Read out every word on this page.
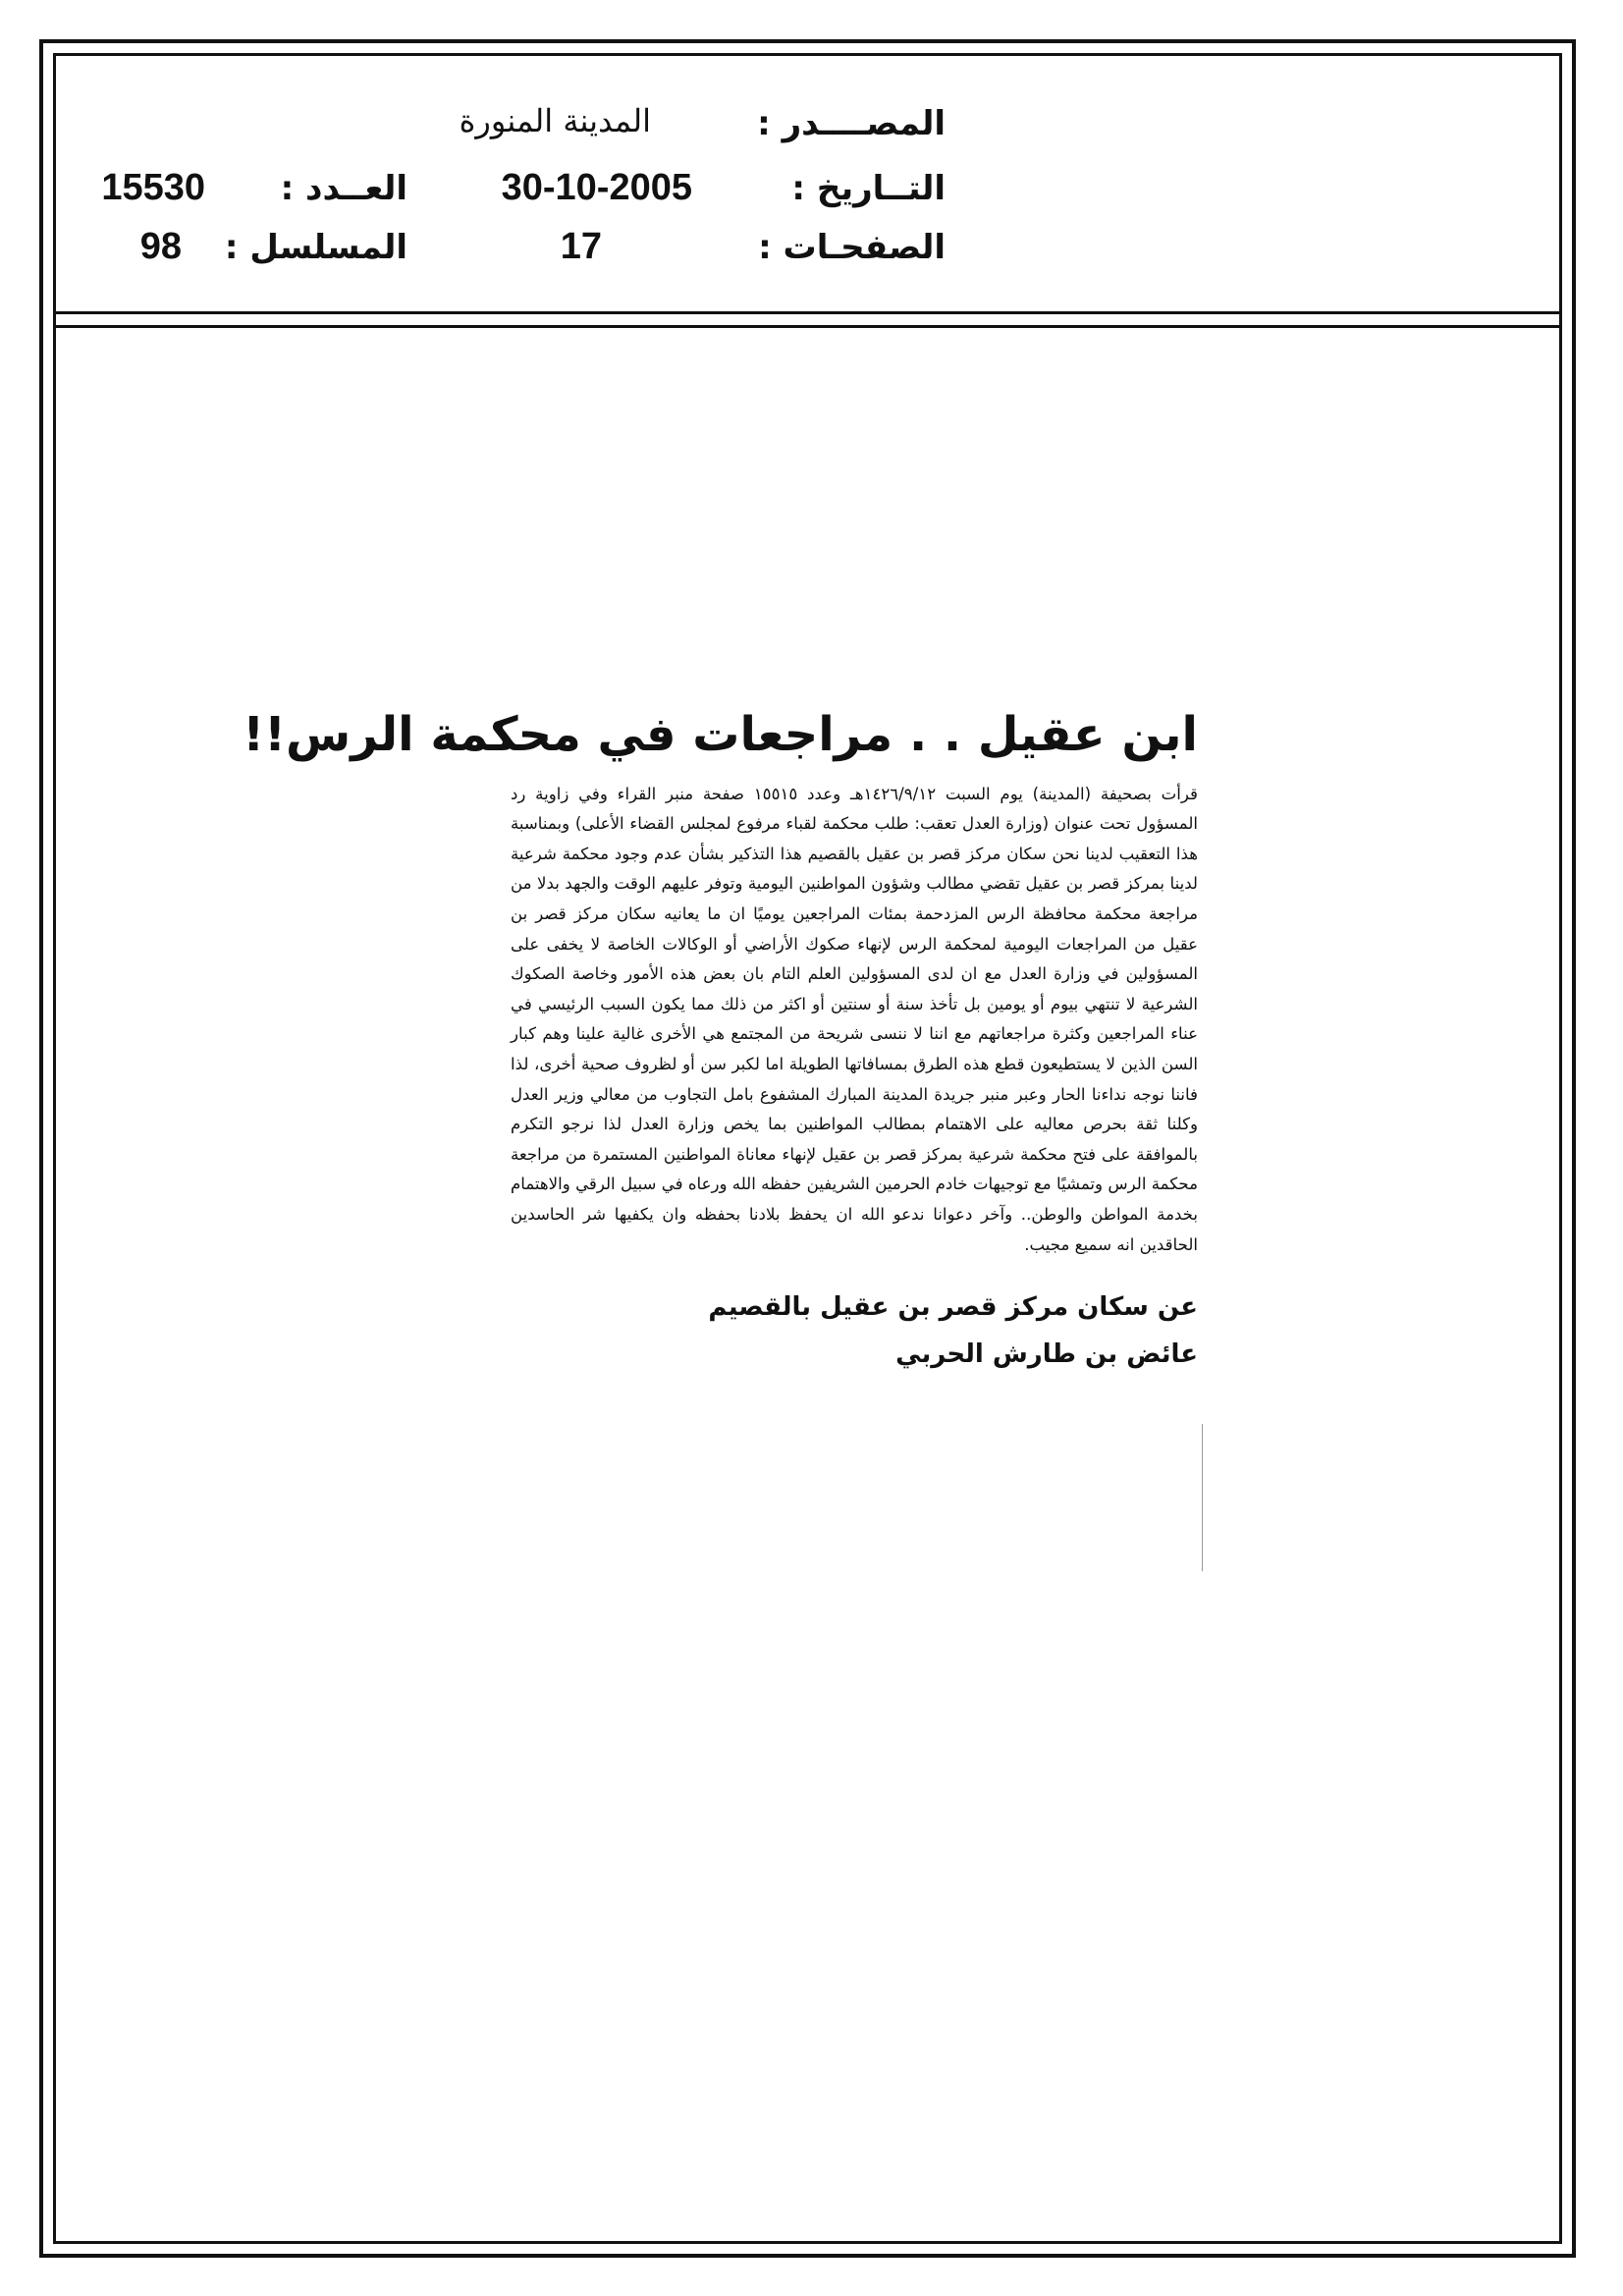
المصــــدر :
المدينة المنورة
التــاريخ :
30-10-2005
العــدد :
15530
الصفحـات :
17
المسلسل :
98
ابن عقيل . . مراجعات في محكمة الرس!!

قرأت بصحيفة (المدينة) يوم السبت ١٤٢٦/٩/١٢هـ وعدد ١٥٥١٥ صفحة منبر القراء وفي زاوية رد المسؤول تحت عنوان (وزارة العدل تعقب: طلب محكمة لقباء مرفوع لمجلس القضاء الأعلى) وبمناسبة هذا التعقيب لدينا نحن سكان مركز قصر بن عقيل بالقصيم هذا التذكير بشأن عدم وجود محكمة شرعية لدينا بمركز قصر بن عقيل تقضي مطالب وشؤون المواطنين اليومية وتوفر عليهم الوقت والجهد بدلا من مراجعة محكمة محافظة الرس المزدحمة بمئات المراجعين يوميًا ان ما يعانيه سكان مركز قصر بن عقيل من المراجعات اليومية لمحكمة الرس لإنهاء صكوك الأراضي أو الوكالات الخاصة لا يخفى على المسؤولين في وزارة العدل مع ان لدى المسؤولين العلم التام بان بعض هذه الأمور وخاصة الصكوك الشرعية لا تنتهي بيوم أو يومين بل تأخذ سنة أو سنتين أو اكثر من ذلك مما يكون السبب الرئيسي في عناء المراجعين وكثرة مراجعاتهم مع اننا لا ننسى شريحة من المجتمع هي الأخرى غالية علينا وهم كبار السن الذين لا يستطيعون قطع هذه الطرق بمسافاتها الطويلة اما لكبر سن أو لظروف صحية أخرى، لذا فاننا نوجه نداءنا الحار وعبر منبر جريدة المدينة المبارك المشفوع بامل التجاوب من معالي وزير العدل وكلنا ثقة بحرص معاليه على الاهتمام بمطالب المواطنين بما يخص وزارة العدل لذا نرجو التكرم بالموافقة على فتح محكمة شرعية بمركز قصر بن عقيل لإنهاء معاناة المواطنين المستمرة من مراجعة محكمة الرس وتمشيًا مع توجيهات خادم الحرمين الشريفين حفظه الله ورعاه في سبيل الرقي والاهتمام بخدمة المواطن والوطن.. وآخر دعوانا ندعو الله ان يحفظ بلادنا بحفظه وان يكفيها شر الحاسدين الحاقدين انه سميع مجيب.

عن سكان مركز قصر بن عقيل بالقصيم
عائض بن طارش الحربي
